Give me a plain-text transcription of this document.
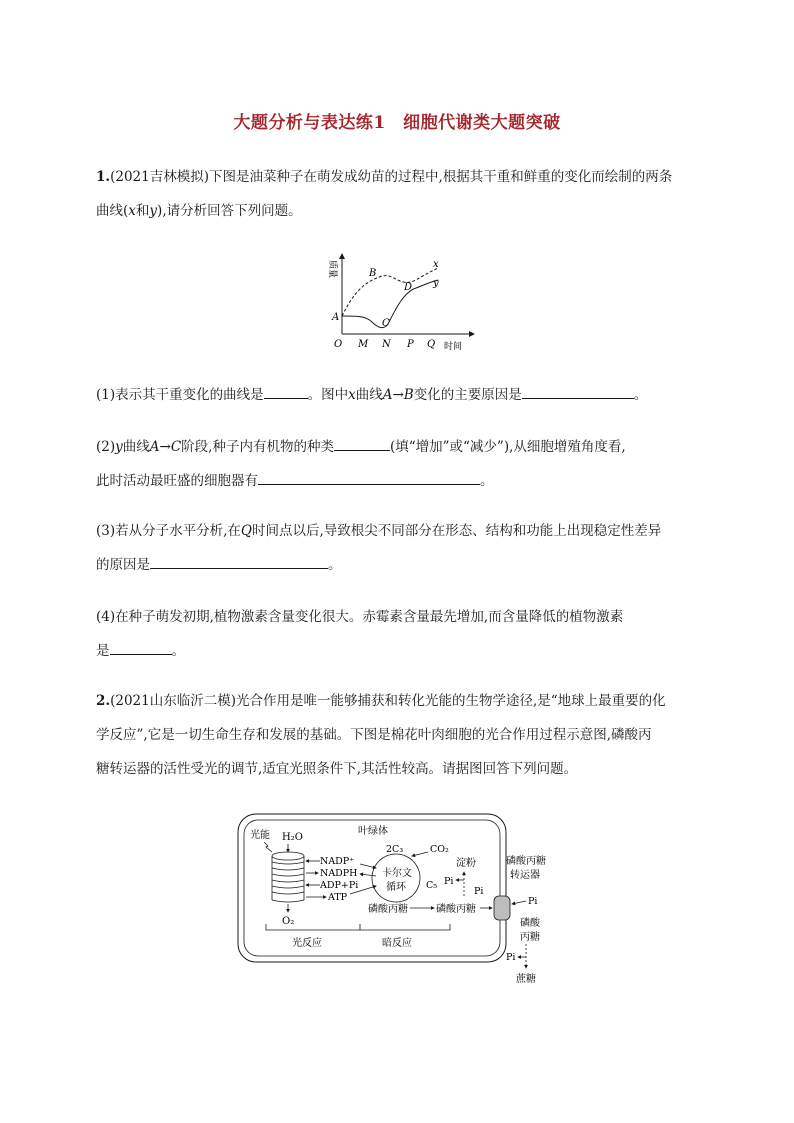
大题分析与表达练1　细胞代谢类大题突破
1.(2021吉林模拟)下图是油菜种子在萌发成幼苗的过程中,根据其干重和鲜重的变化而绘制的两条
曲线(x和y),请分析回答下列问题。
质量
O M N P Q 时间
A
B
C
D
x
y
(1)表示其干重变化的曲线是	。图中x曲线A→B变化的主要原因是	。
(2)y曲线A→C阶段,种子内有机物的种类	(填“增加”或“减少”),从细胞增殖角度看,
此时活动最旺盛的细胞器有	。
(3)若从分子水平分析,在Q时间点以后,导致根尖不同部分在形态、结构和功能上出现稳定性差异
的原因是	。
(4)在种子萌发初期,植物激素含量变化很大。赤霉素含量最先增加,而含量降低的植物激素
是	。
2.(2021山东临沂二模)光合作用是唯一能够捕获和转化光能的生物学途径,是“地球上最重要的化
学反应”,它是一切生命生存和发展的基础。下图是棉花叶肉细胞的光合作用过程示意图,磷酸丙
糖转运器的活性受光的调节,适宜光照条件下,其活性较高。请据图回答下列问题。
叶绿体
光能 H₂O
NADP⁺
NADPH
ADP+Pi
ATP
2C₃	CO₂
卡尔文
循环 C₅
淀粉
Pi
磷酸丙糖	磷酸丙糖
Pi
磷酸丙糖
转运器
Pi
磷酸
丙糖
Pi
蔗糖
O₂
光反应	暗反应
